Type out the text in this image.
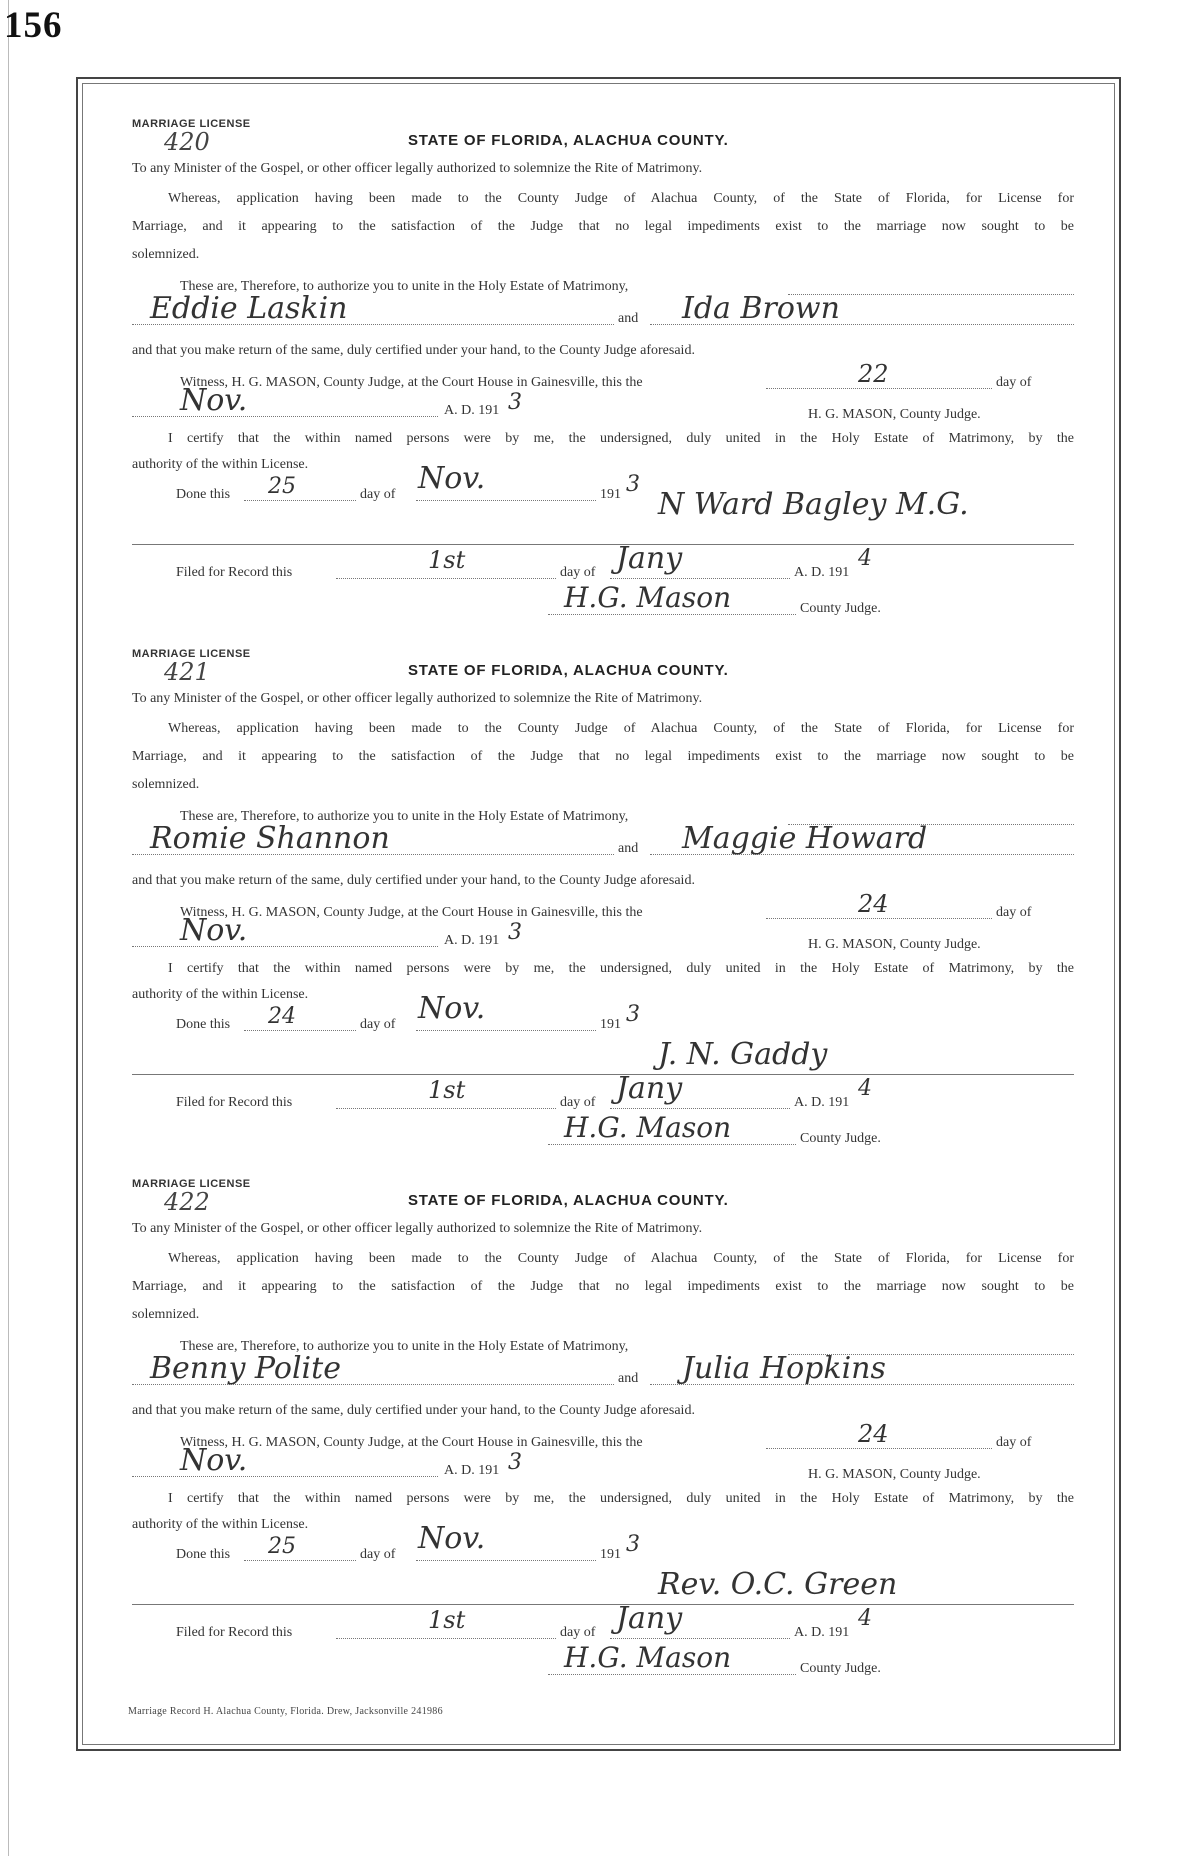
156
MARRIAGE LICENSE
420	STATE OF FLORIDA, ALACHUA COUNTY.
To any Minister of the Gospel, or other officer legally authorized to solemnize the Rite of Matrimony.
Whereas, application having been made to the County Judge of Alachua County, of the State of Florida, for License for
Marriage, and it appearing to the satisfaction of the Judge that no legal impediments exist to the marriage now sought to be
solemnized.
These are, Therefore, to authorize you to unite in the Holy Estate of Matrimony,
Eddie Laskin	and Ida Brown
and that you make return of the same, duly certified under your hand, to the County Judge aforesaid.
Witness, H. G. MASON, County Judge, at the Court House in Gainesville, this the	22	day of
Nov.	A. D. 191 3	H. G. MASON, County Judge.
I certify that the within named persons were by me, the undersigned, duly united in the Holy Estate of Matrimony, by the
authority of the within License.
Done this 25	day of Nov.	191 3
N Ward Bagley M.G.
Filed for Record this	1st	day of Jany	A. D. 191
4
H.G. Mason	County Judge.
MARRIAGE LICENSE
421	STATE OF FLORIDA, ALACHUA COUNTY.
To any Minister of the Gospel, or other officer legally authorized to solemnize the Rite of Matrimony.
Whereas, application having been made to the County Judge of Alachua County, of the State of Florida, for License for
Marriage, and it appearing to the satisfaction of the Judge that no legal impediments exist to the marriage now sought to be
solemnized.
These are, Therefore, to authorize you to unite in the Holy Estate of Matrimony,
Romie Shannon	and Maggie Howard
and that you make return of the same, duly certified under your hand, to the County Judge aforesaid.
Witness, H. G. MASON, County Judge, at the Court House in Gainesville, this the	24	day of
Nov.	A. D. 191 3	H. G. MASON, County Judge.
I certify that the within named persons were by me, the undersigned, duly united in the Holy Estate of Matrimony, by the
authority of the within License.
Done this 24	day of Nov.	191 3
J. N. Gaddy
Filed for Record this	1st	day of Jany	A. D. 191
4
H.G. Mason	County Judge.
MARRIAGE LICENSE
422	STATE OF FLORIDA, ALACHUA COUNTY.
To any Minister of the Gospel, or other officer legally authorized to solemnize the Rite of Matrimony.
Whereas, application having been made to the County Judge of Alachua County, of the State of Florida, for License for
Marriage, and it appearing to the satisfaction of the Judge that no legal impediments exist to the marriage now sought to be
solemnized.
These are, Therefore, to authorize you to unite in the Holy Estate of Matrimony,
Benny Polite	and Julia Hopkins
and that you make return of the same, duly certified under your hand, to the County Judge aforesaid.
Witness, H. G. MASON, County Judge, at the Court House in Gainesville, this the	24	day of
Nov.	A. D. 191 3	H. G. MASON, County Judge.
I certify that the within named persons were by me, the undersigned, duly united in the Holy Estate of Matrimony, by the
authority of the within License.
Done this 25	day of Nov.	191 3
Rev. O.C. Green
Filed for Record this	1st	day of Jany	A. D. 191
4
H.G. Mason	County Judge.
Marriage Record H. Alachua County, Florida. Drew, Jacksonville 241986
